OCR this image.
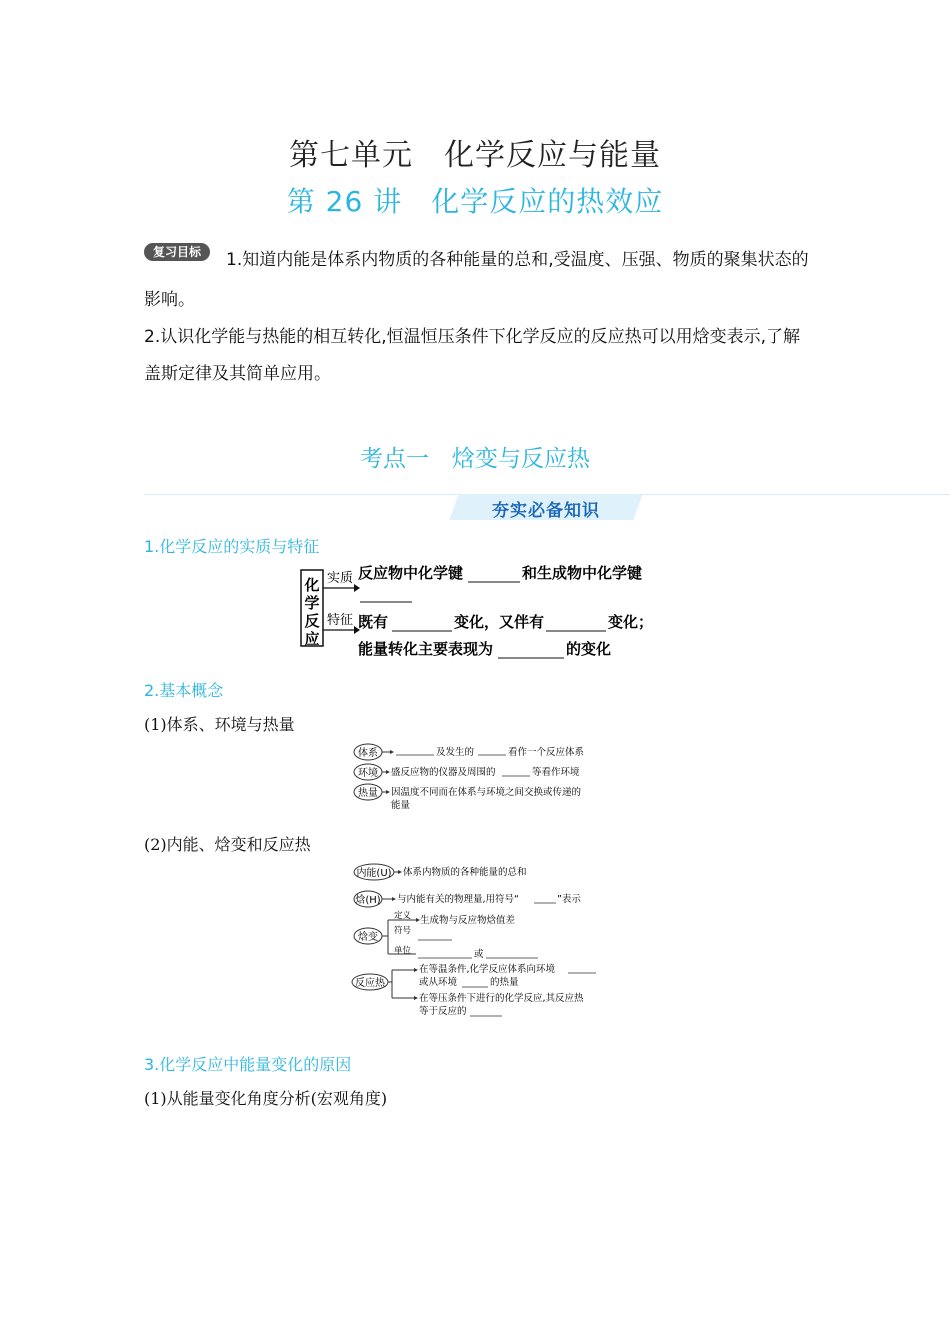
第七单元　化学反应与能量
第 26 讲　化学反应的热效应
复习目标	1.知道内能是体系内物质的各种能量的总和,受温度、压强、物质的聚集状态的
影响。
2.认识化学能与热能的相互转化,恒温恒压条件下化学反应的反应热可以用焓变表示,了解
盖斯定律及其简单应用。
考点一　焓变与反应热
夯实必备知识
1.化学反应的实质与特征
化
学
反
应
实质 反应物中化学键	和生成物中化学键
特征 既有	变化，又伴有	变化；
能量转化主要表现为	的变化
2.基本概念
(1)体系、环境与热量
体系	及发生的	看作一个反应体系
环境 盛反应物的仪器及周围的	等看作环境
热量 因温度不同而在体系与环境之间交换或传递的
能量
(2)内能、焓变和反应热
内能(U) 体系内物质的各种能量的总和
焓(H) 与内能有关的物理量,用符号“	”表示
焓变
定义 生成物与反应物焓值差
符号
单位	或
反应热
在等温条件,化学反应体系向环境
或从环境	的热量
在等压条件下进行的化学反应,其反应热
等于反应的
3.化学反应中能量变化的原因
(1)从能量变化角度分析(宏观角度)
